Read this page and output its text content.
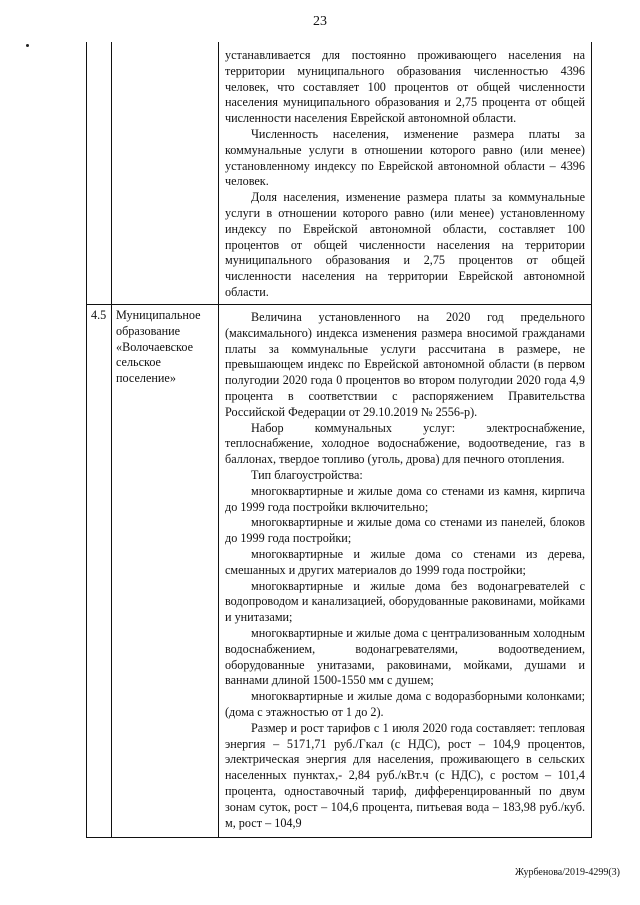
23

устанавливается для постоянно проживающего населения на территории муниципального образования численностью 4396 человек, что составляет 100 процентов от общей численности населения муниципального образования и 2,75 процента от общей численности населения Еврейской автономной области.

Численность населения, изменение размера платы за коммунальные услуги в отношении которого равно (или менее) установленному индексу по Еврейской автономной области – 4396 человек.

Доля населения, изменение размера платы за коммунальные услуги в отношении которого равно (или менее) установленному индексу по Еврейской автономной области, составляет 100 процентов от общей численности населения на территории муниципального образования и 2,75 процентов от общей численности населения на территории Еврейской автономной области.

4.5 Муниципальное образование «Волочаевское сельское поселение»

Величина установленного на 2020 год предельного (максимального) индекса изменения размера вносимой гражданами платы за коммунальные услуги рассчитана в размере, не превышающем индекс по Еврейской автономной области (в первом полугодии 2020 года 0 процентов во втором полугодии 2020 года 4,9 процента в соответствии с распоряжением Правительства Российской Федерации от 29.10.2019 № 2556-р).

Набор коммунальных услуг: электроснабжение, теплоснабжение, холодное водоснабжение, водоотведение, газ в баллонах, твердое топливо (уголь, дрова) для печного отопления.

Тип благоустройства:

многоквартирные и жилые дома со стенами из камня, кирпича до 1999 года постройки включительно;

многоквартирные и жилые дома со стенами из панелей, блоков до 1999 года постройки;

многоквартирные и жилые дома со стенами из дерева, смешанных и других материалов до 1999 года постройки;

многоквартирные и жилые дома без водонагревателей с водопроводом и канализацией, оборудованные раковинами, мойками и унитазами;

многоквартирные и жилые дома с централизованным холодным водоснабжением, водонагревателями, водоотведением, оборудованные унитазами, раковинами, мойками, душами и ваннами длиной 1500-1550 мм с душем;

многоквартирные и жилые дома с водоразборными колонками; (дома с этажностью от 1 до 2).

Размер и рост тарифов с 1 июля 2020 года составляет: тепловая энергия – 5171,71 руб./Гкал (с НДС), рост – 104,9 процентов, электрическая энергия для населения, проживающего в сельских населенных пунктах,- 2,84 руб./кВт.ч (с НДС), с ростом – 101,4 процента, одноставочный тариф, дифференцированный по двум зонам суток, рост – 104,6 процента, питьевая вода – 183,98 руб./куб. м, рост – 104,9

Журбенова/2019-4299(3)
